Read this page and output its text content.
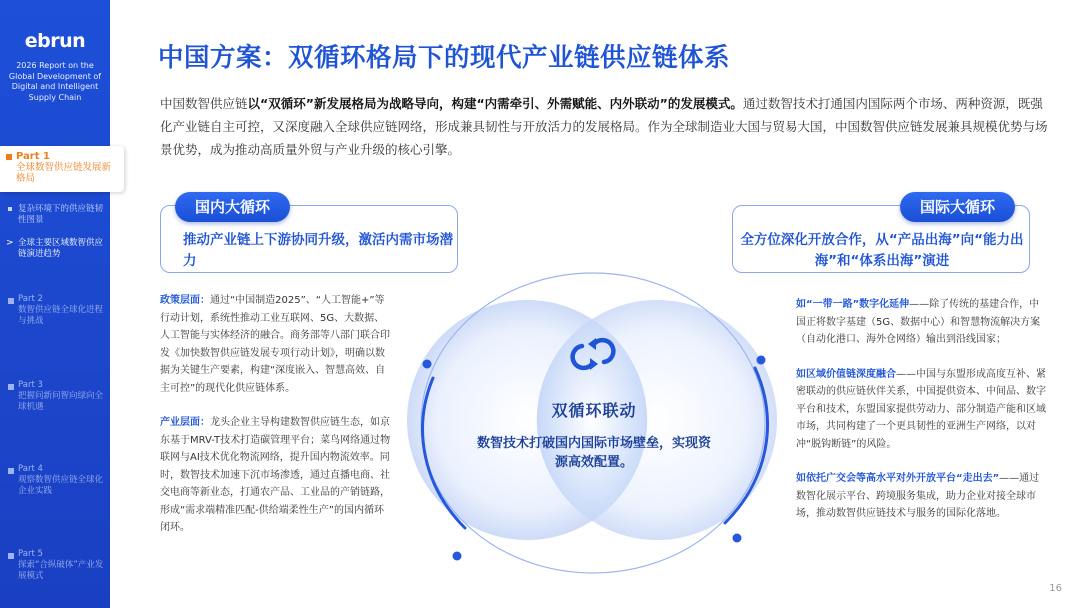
ebrun
2026 Report on the Global Development of Digital and Intelligent Supply Chain
Part 1
全球数智供应链发展新格局
复杂环境下的供应链韧性图景
> 全球主要区域数智供应链演进趋势
Part 2
数智供应链全球化进程与挑战
Part 3
把握问新问智向绿向全球机遇
Part 4
观察数智供应链全球化企业实践
Part 5
探索“合纵破体”产业发展模式
中国方案：双循环格局下的现代产业链供应链体系
中国数智供应链以“双循环”新发展格局为战略导向，构建“内需牵引、外需赋能、内外联动”的发展模式。通过数智技术打通国内国际两个市场、两种资源，既强化产业链自主可控，又深度融入全球供应链网络，形成兼具韧性与开放活力的发展格局。作为全球制造业大国与贸易大国，中国数智供应链发展兼具规模优势与场景优势，成为推动高质量外贸与产业升级的核心引擎。
国内大循环
推动产业链上下游协同升级，激活内需市场潜力
国际大循环
全方位深化开放合作，从“产品出海”向“能力出海”和“体系出海”演进
双循环联动
数智技术打破国内国际市场壁垒，实现资源高效配置。
政策层面：通过“中国制造2025”、“人工智能+”等行动计划，系统性推动工业互联网、5G、大数据、人工智能与实体经济的融合。商务部等八部门联合印发《加快数智供应链发展专项行动计划》，明确以数据为关键生产要素，构建“深度嵌入、智慧高效、自主可控”的现代化供应链体系。
产业层面：龙头企业主导构建数智供应链生态，如京东基于MRV-T技术打造碳管理平台；菜鸟网络通过物联网与AI技术优化物流网络，提升国内物流效率。同时，数智技术加速下沉市场渗透，通过直播电商、社交电商等新业态，打通农产品、工业品的产销链路，形成“需求端精准匹配-供给端柔性生产”的国内循环闭环。
如“一带一路”数字化延伸——除了传统的基建合作，中国正将数字基建（5G、数据中心）和智慧物流解决方案（自动化港口、海外仓网络）输出到沿线国家；
如区域价值链深度融合——中国与东盟形成高度互补、紧密联动的供应链伙伴关系，中国提供资本、中间品、数字平台和技术，东盟国家提供劳动力、部分制造产能和区域市场，共同构建了一个更具韧性的亚洲生产网络，以对冲“脱钩断链”的风险。
如依托广交会等高水平对外开放平台“走出去”——通过数智化展示平台、跨境服务集成，助力企业对接全球市场，推动数智供应链技术与服务的国际化落地。
16
